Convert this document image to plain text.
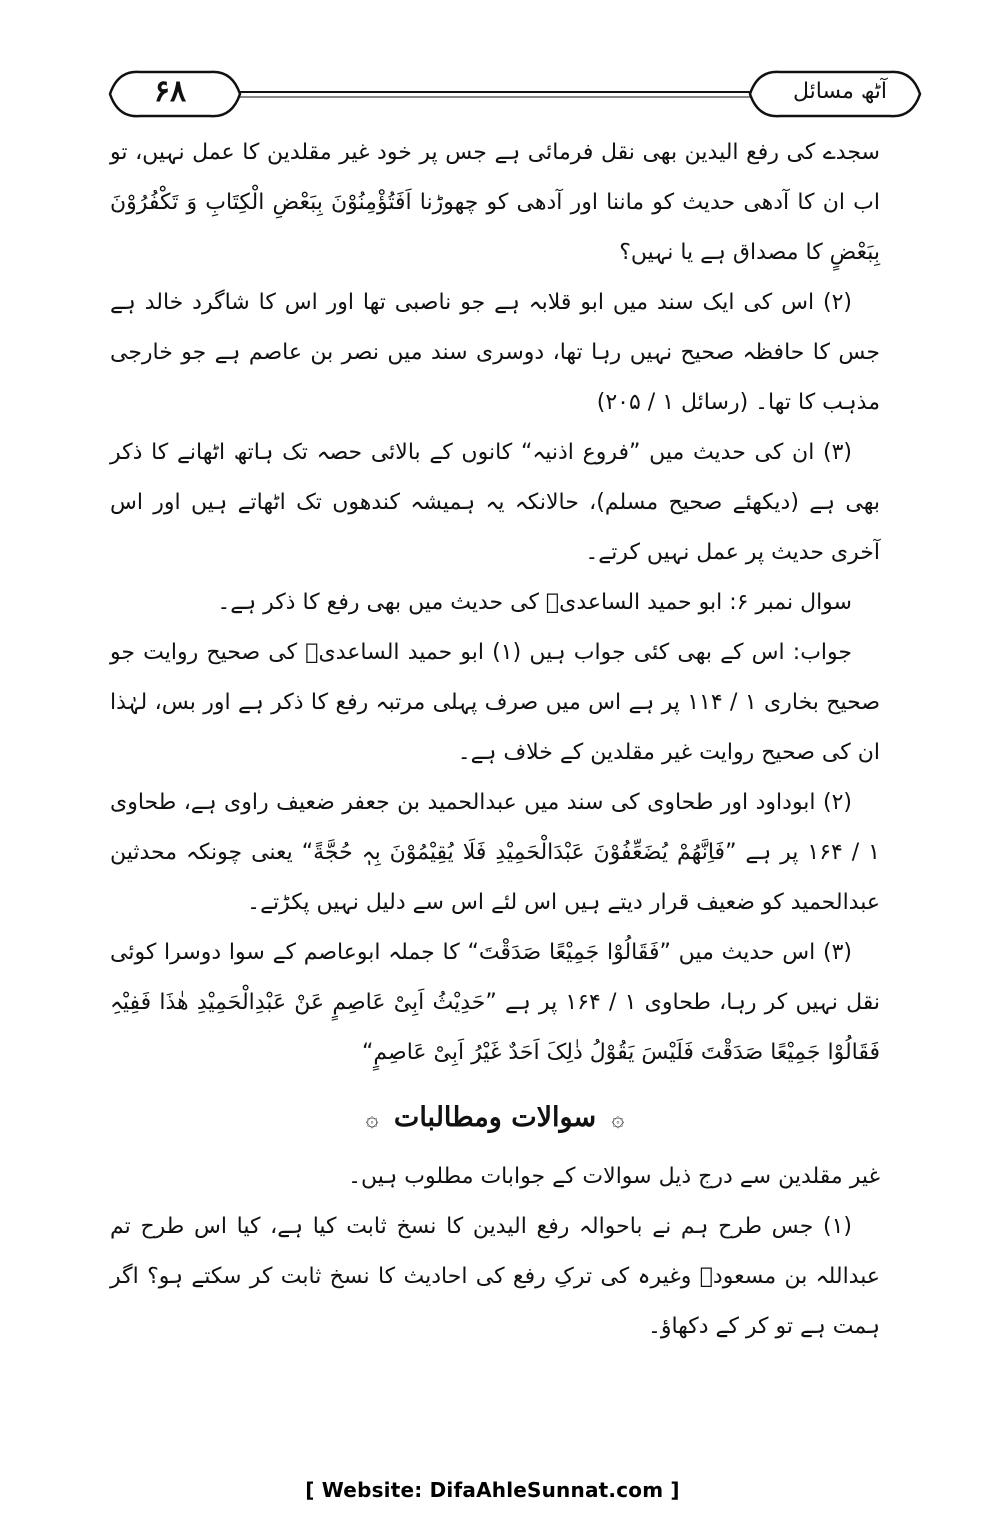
۶۸	آٹھ مسائل

سجدے کی رفع الیدین بھی نقل فرمائی ہے جس پر خود غیر مقلدین کا عمل نہیں، تو اب ان کا آدھی حدیث کو ماننا اور آدھی کو چھوڑنا اَفَتُؤْمِنُوْنَ بِبَعْضِ الْکِتَابِ وَ تَکْفُرُوْنَ بِبَعْضٍ کا مصداق ہے یا نہیں؟

(۲) اس کی ایک سند میں ابو قلابہ ہے جو ناصبی تھا اور اس کا شاگرد خالد ہے جس کا حافظہ صحیح نہیں رہا تھا، دوسری سند میں نصر بن عاصم ہے جو خارجی مذہب کا تھا۔ (رسائل ۱ / ۲۰۵)

(۳) ان کی حدیث میں ”فروع اذنیہ“ کانوں کے بالائی حصہ تک ہاتھ اٹھانے کا ذکر بھی ہے (دیکھئے صحیح مسلم)، حالانکہ یہ ہمیشہ کندھوں تک اٹھاتے ہیں اور اس آخری حدیث پر عمل نہیں کرتے۔

سوال نمبر ۶: ابو حمید الساعدیؓ کی حدیث میں بھی رفع کا ذکر ہے۔

جواب: اس کے بھی کئی جواب ہیں (۱) ابو حمید الساعدیؓ کی صحیح روایت جو صحیح بخاری ۱ / ۱۱۴ پر ہے اس میں صرف پہلی مرتبہ رفع کا ذکر ہے اور بس، لہٰذا ان کی صحیح روایت غیر مقلدین کے خلاف ہے۔

(۲) ابوداود اور طحاوی کی سند میں عبدالحمید بن جعفر ضعیف راوی ہے، طحاوی ۱ / ۱۶۴ پر ہے ”فَاِنَّھُمْ یُضَعِّفُوْنَ عَبْدَالْحَمِیْدِ فَلَا یُقِیْمُوْنَ بِہٖ حُجَّةً“ یعنی چونکہ محدثین عبدالحمید کو ضعیف قرار دیتے ہیں اس لئے اس سے دلیل نہیں پکڑتے۔

(۳) اس حدیث میں ”فَقَالُوْا جَمِیْعًا صَدَقْتَ“ کا جملہ ابوعاصم کے سوا دوسرا کوئی نقل نہیں کر رہا، طحاوی ۱ / ۱۶۴ پر ہے ”حَدِیْثُ اَبِیْ عَاصِمٍ عَنْ عَبْدِالْحَمِیْدِ ھٰذَا فَفِیْہِ فَقَالُوْا جَمِیْعًا صَدَقْتَ فَلَیْسَ یَقُوْلُ ذٰلِکَ اَحَدٌ غَیْرُ اَبِیْ عَاصِمٍ“

۞ سوالات ومطالبات ۞

غیر مقلدین سے درج ذیل سوالات کے جوابات مطلوب ہیں۔

(۱) جس طرح ہم نے باحوالہ رفع الیدین کا نسخ ثابت کیا ہے، کیا اس طرح تم عبداللہ بن مسعودؓ وغیرہ کی ترکِ رفع کی احادیث کا نسخ ثابت کر سکتے ہو؟ اگر ہمت ہے تو کر کے دکھاؤ۔

[ Website: DifaAhleSunnat.com ]
